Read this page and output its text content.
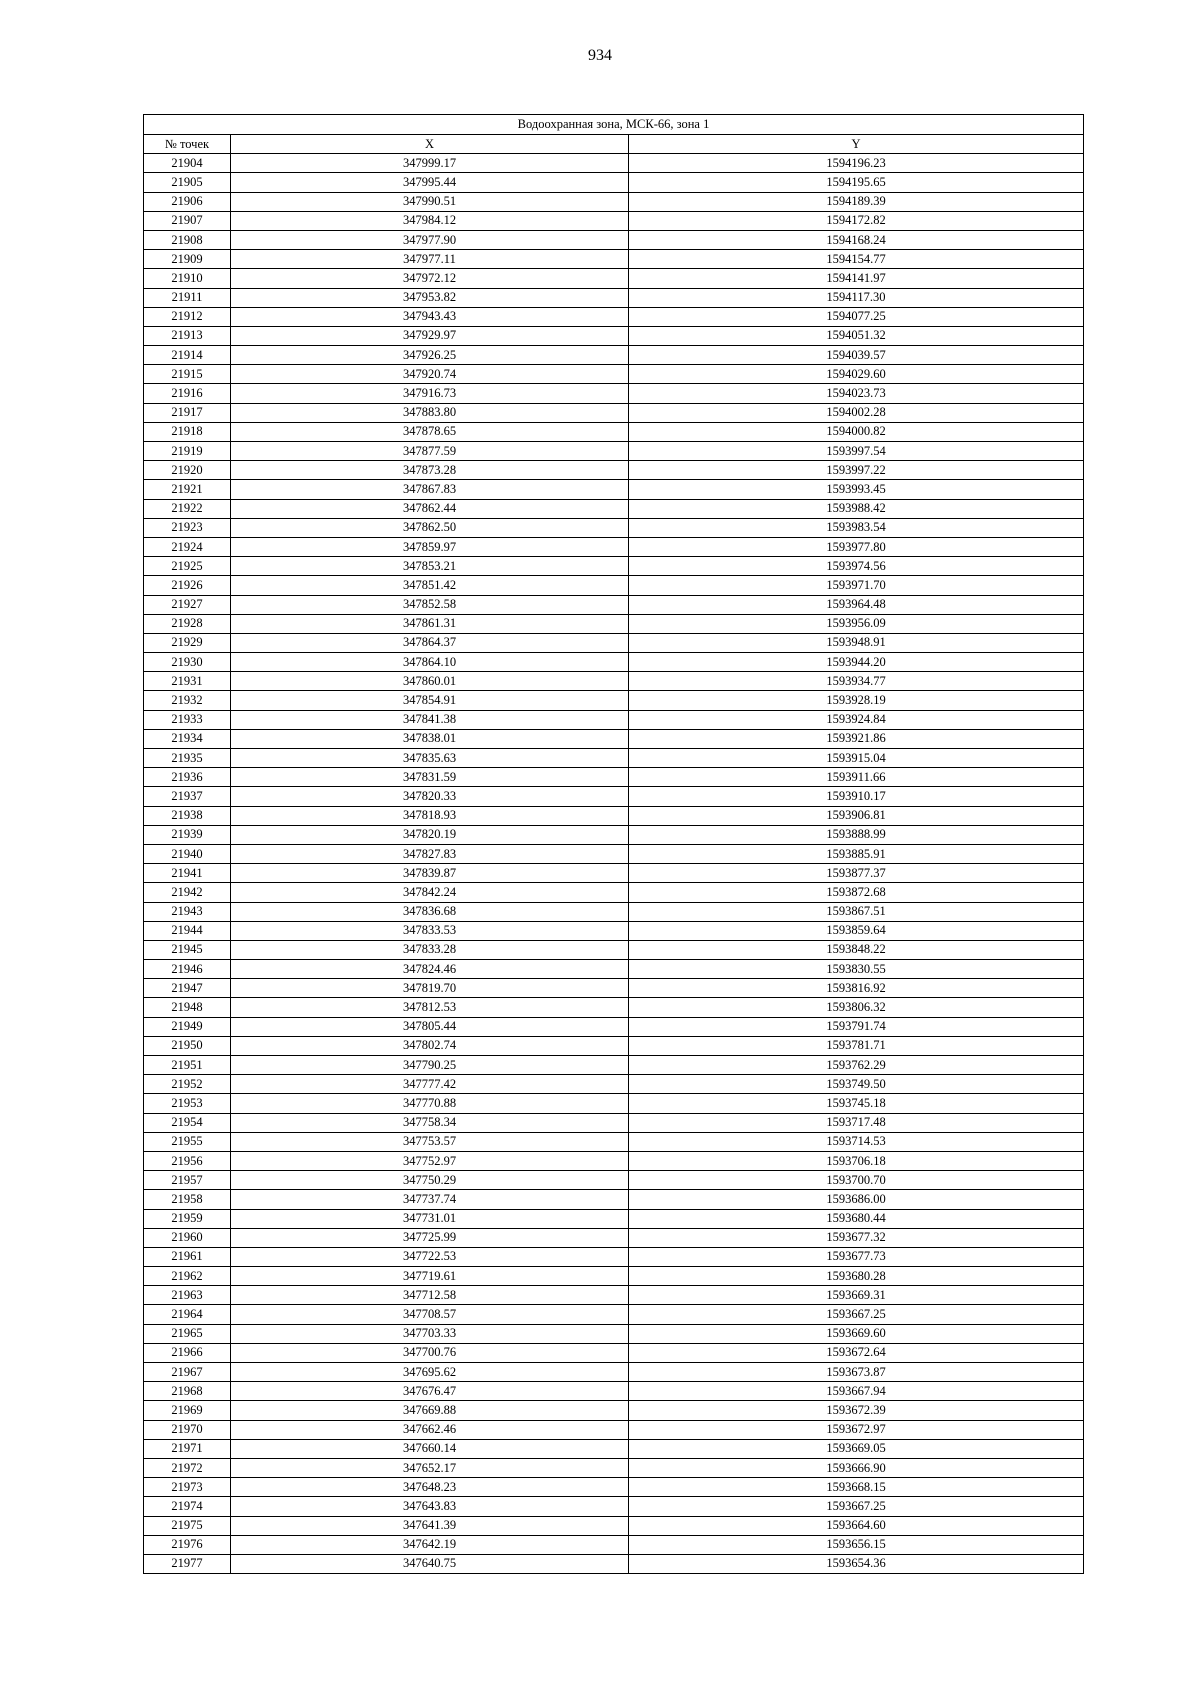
934
Водоохранная зона, МСК-66, зона 1		
№ точек	X	Y
21904	347999.17	1594196.23
21905	347995.44	1594195.65
21906	347990.51	1594189.39
21907	347984.12	1594172.82
21908	347977.90	1594168.24
21909	347977.11	1594154.77
21910	347972.12	1594141.97
21911	347953.82	1594117.30
21912	347943.43	1594077.25
21913	347929.97	1594051.32
21914	347926.25	1594039.57
21915	347920.74	1594029.60
21916	347916.73	1594023.73
21917	347883.80	1594002.28
21918	347878.65	1594000.82
21919	347877.59	1593997.54
21920	347873.28	1593997.22
21921	347867.83	1593993.45
21922	347862.44	1593988.42
21923	347862.50	1593983.54
21924	347859.97	1593977.80
21925	347853.21	1593974.56
21926	347851.42	1593971.70
21927	347852.58	1593964.48
21928	347861.31	1593956.09
21929	347864.37	1593948.91
21930	347864.10	1593944.20
21931	347860.01	1593934.77
21932	347854.91	1593928.19
21933	347841.38	1593924.84
21934	347838.01	1593921.86
21935	347835.63	1593915.04
21936	347831.59	1593911.66
21937	347820.33	1593910.17
21938	347818.93	1593906.81
21939	347820.19	1593888.99
21940	347827.83	1593885.91
21941	347839.87	1593877.37
21942	347842.24	1593872.68
21943	347836.68	1593867.51
21944	347833.53	1593859.64
21945	347833.28	1593848.22
21946	347824.46	1593830.55
21947	347819.70	1593816.92
21948	347812.53	1593806.32
21949	347805.44	1593791.74
21950	347802.74	1593781.71
21951	347790.25	1593762.29
21952	347777.42	1593749.50
21953	347770.88	1593745.18
21954	347758.34	1593717.48
21955	347753.57	1593714.53
21956	347752.97	1593706.18
21957	347750.29	1593700.70
21958	347737.74	1593686.00
21959	347731.01	1593680.44
21960	347725.99	1593677.32
21961	347722.53	1593677.73
21962	347719.61	1593680.28
21963	347712.58	1593669.31
21964	347708.57	1593667.25
21965	347703.33	1593669.60
21966	347700.76	1593672.64
21967	347695.62	1593673.87
21968	347676.47	1593667.94
21969	347669.88	1593672.39
21970	347662.46	1593672.97
21971	347660.14	1593669.05
21972	347652.17	1593666.90
21973	347648.23	1593668.15
21974	347643.83	1593667.25
21975	347641.39	1593664.60
21976	347642.19	1593656.15
21977	347640.75	1593654.36
